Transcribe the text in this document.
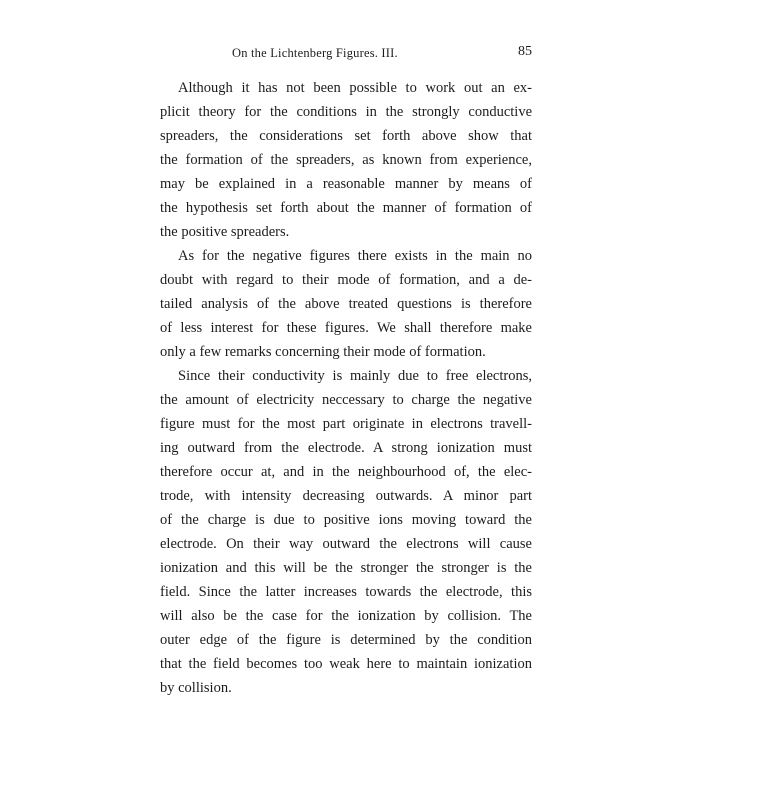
On the Lichtenberg Figures. III.	85
Although it has not been possible to work out an ex-
plicit theory for the conditions in the strongly conductive
spreaders, the considerations set forth above show that
the formation of the spreaders, as known from experience,
may be explained in a reasonable manner by means of
the hypothesis set forth about the manner of formation of
the positive spreaders.
As for the negative figures there exists in the main no
doubt with regard to their mode of formation, and a de-
tailed analysis of the above treated questions is therefore
of less interest for these figures. We shall therefore make
only a few remarks concerning their mode of formation.
Since their conductivity is mainly due to free electrons,
the amount of electricity neccessary to charge the negative
figure must for the most part originate in electrons travell-
ing outward from the electrode. A strong ionization must
therefore occur at, and in the neighbourhood of, the elec-
trode, with intensity decreasing outwards. A minor part
of the charge is due to positive ions moving toward the
electrode. On their way outward the electrons will cause
ionization and this will be the stronger the stronger is the
field. Since the latter increases towards the electrode, this
will also be the case for the ionization by collision. The
outer edge of the figure is determined by the condition
that the field becomes too weak here to maintain ionization
by collision.
